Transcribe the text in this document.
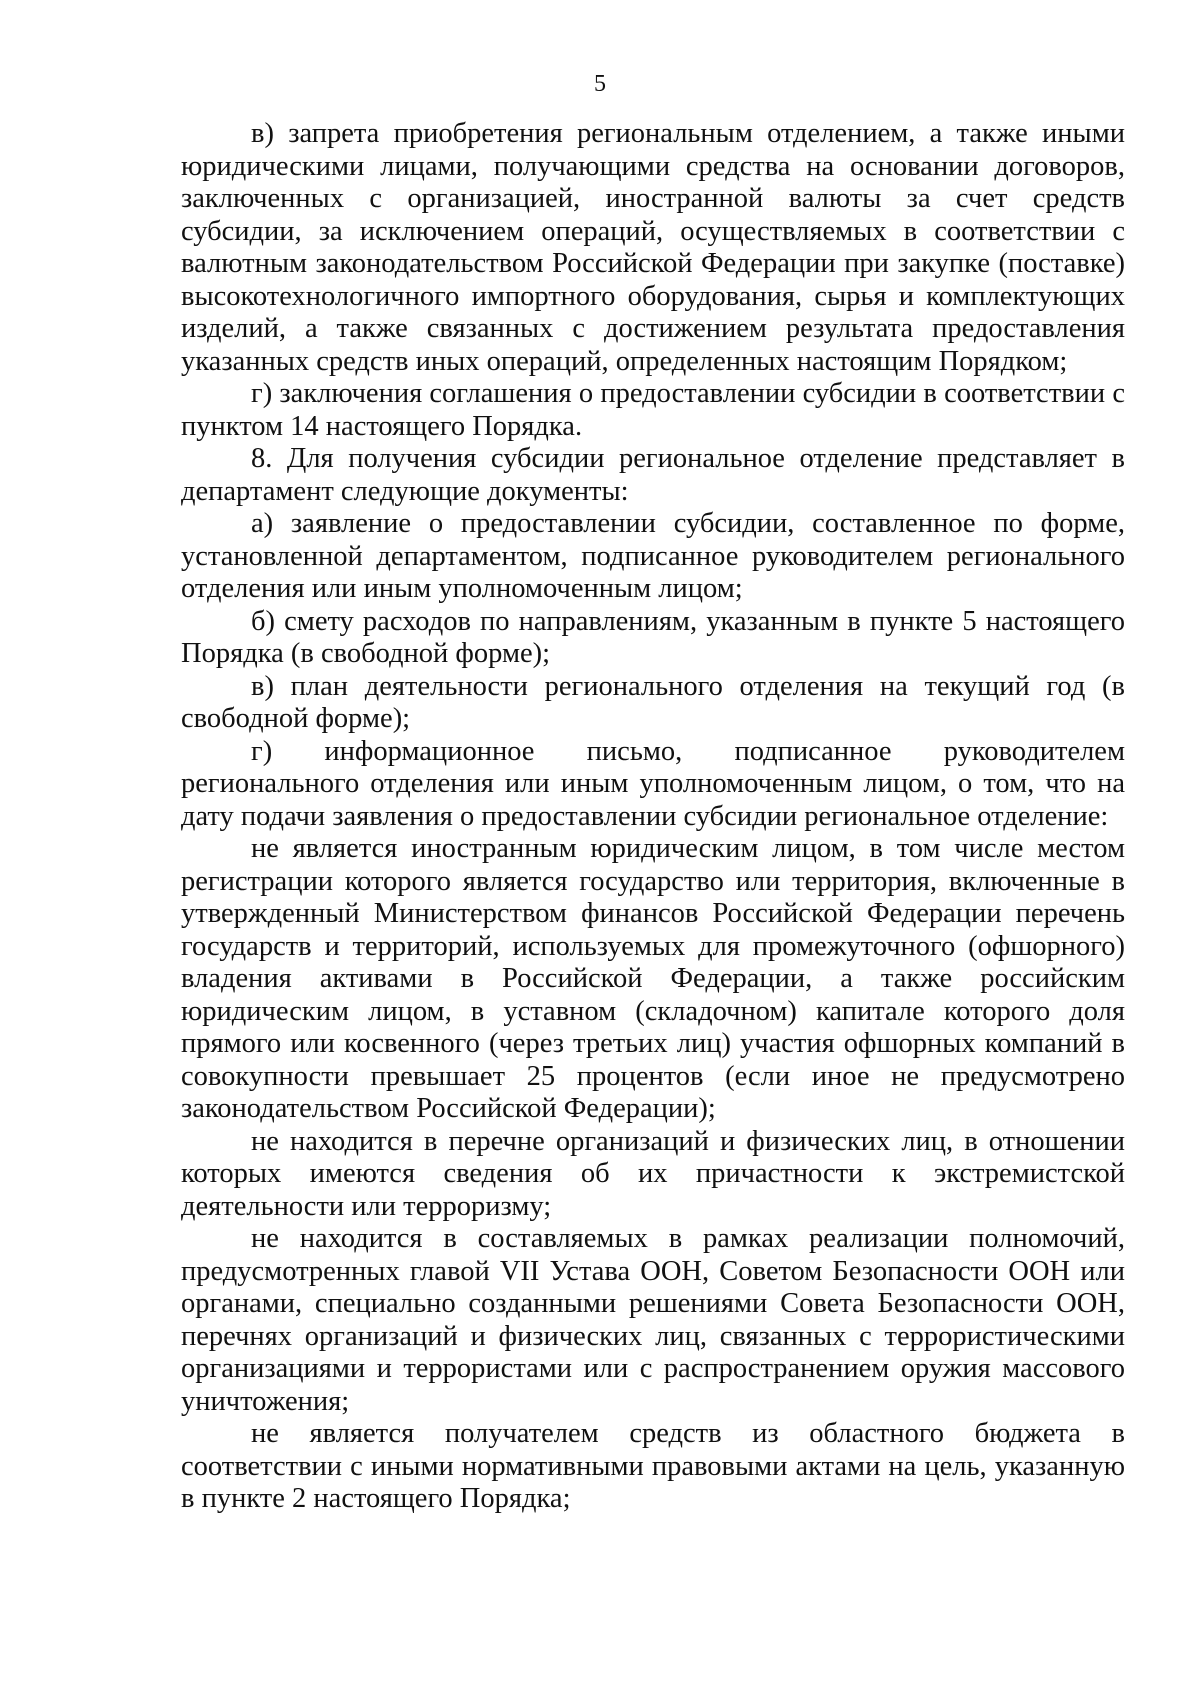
5

в) запрета приобретения региональным отделением, а также иными юридическими лицами, получающими средства на основании договоров, заключенных с организацией, иностранной валюты за счет средств субсидии, за исключением операций, осуществляемых в соответствии с валютным законодательством Российской Федерации при закупке (поставке) высокотехнологичного импортного оборудования, сырья и комплектующих изделий, а также связанных с достижением результата предоставления указанных средств иных операций, определенных настоящим Порядком;

г) заключения соглашения о предоставлении субсидии в соответствии с пунктом 14 настоящего Порядка.

8. Для получения субсидии региональное отделение представляет в департамент следующие документы:

а) заявление о предоставлении субсидии, составленное по форме, установленной департаментом, подписанное руководителем регионального отделения или иным уполномоченным лицом;

б) смету расходов по направлениям, указанным в пункте 5 настоящего Порядка (в свободной форме);

в) план деятельности регионального отделения на текущий год (в свободной форме);

г) информационное письмо, подписанное руководителем регионального отделения или иным уполномоченным лицом, о том, что на дату подачи заявления о предоставлении субсидии региональное отделение:

не является иностранным юридическим лицом, в том числе местом регистрации которого является государство или территория, включенные в утвержденный Министерством финансов Российской Федерации перечень государств и территорий, используемых для промежуточного (офшорного) владения активами в Российской Федерации, а также российским юридическим лицом, в уставном (складочном) капитале которого доля прямого или косвенного (через третьих лиц) участия офшорных компаний в совокупности превышает 25 процентов (если иное не предусмотрено законодательством Российской Федерации);

не находится в перечне организаций и физических лиц, в отношении которых имеются сведения об их причастности к экстремистской деятельности или терроризму;

не находится в составляемых в рамках реализации полномочий, предусмотренных главой VII Устава ООН, Советом Безопасности ООН или органами, специально созданными решениями Совета Безопасности ООН, перечнях организаций и физических лиц, связанных с террористическими организациями и террористами или с распространением оружия массового уничтожения;

не является получателем средств из областного бюджета в соответствии с иными нормативными правовыми актами на цель, указанную в пункте 2 настоящего Порядка;
